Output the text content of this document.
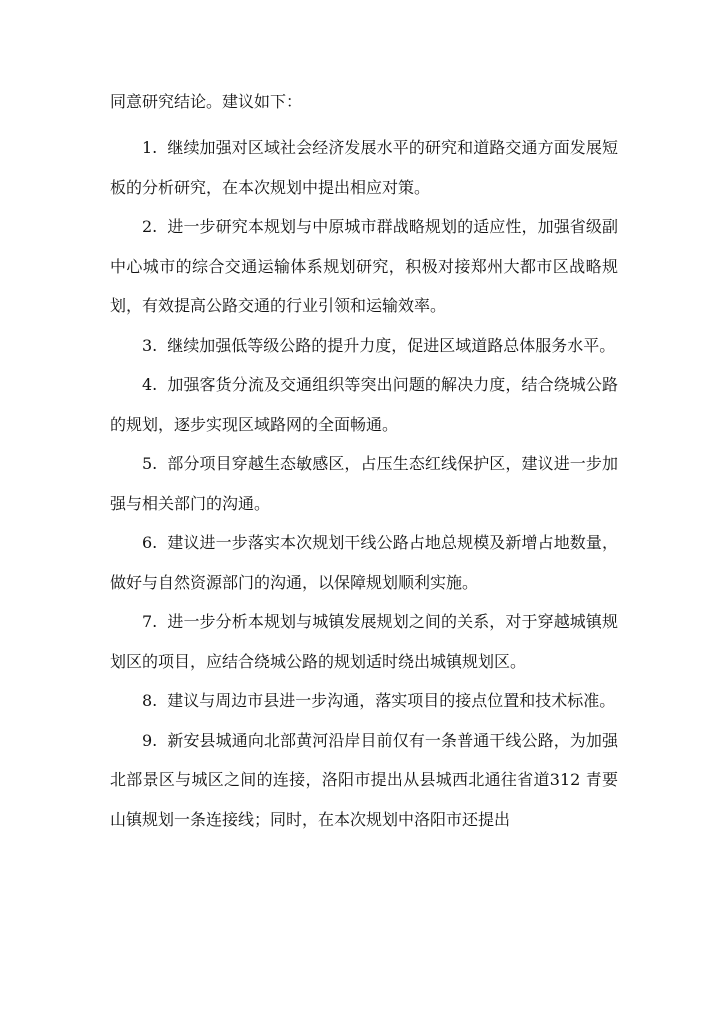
同意研究结论。建议如下：

1. 继续加强对区域社会经济发展水平的研究和道路交通方面发展短板的分析研究，在本次规划中提出相应对策。

2. 进一步研究本规划与中原城市群战略规划的适应性，加强省级副中心城市的综合交通运输体系规划研究，积极对接郑州大都市区战略规划，有效提高公路交通的行业引领和运输效率。

3. 继续加强低等级公路的提升力度，促进区域道路总体服务水平。

4. 加强客货分流及交通组织等突出问题的解决力度，结合绕城公路的规划，逐步实现区域路网的全面畅通。

5. 部分项目穿越生态敏感区，占压生态红线保护区，建议进一步加强与相关部门的沟通。

6. 建议进一步落实本次规划干线公路占地总规模及新增占地数量，做好与自然资源部门的沟通，以保障规划顺利实施。

7. 进一步分析本规划与城镇发展规划之间的关系，对于穿越城镇规划区的项目，应结合绕城公路的规划适时绕出城镇规划区。

8. 建议与周边市县进一步沟通，落实项目的接点位置和技术标准。

9. 新安县城通向北部黄河沿岸目前仅有一条普通干线公路，为加强北部景区与城区之间的连接，洛阳市提出从县城西北通往省道312 青要山镇规划一条连接线；同时，在本次规划中洛阳市还提出
